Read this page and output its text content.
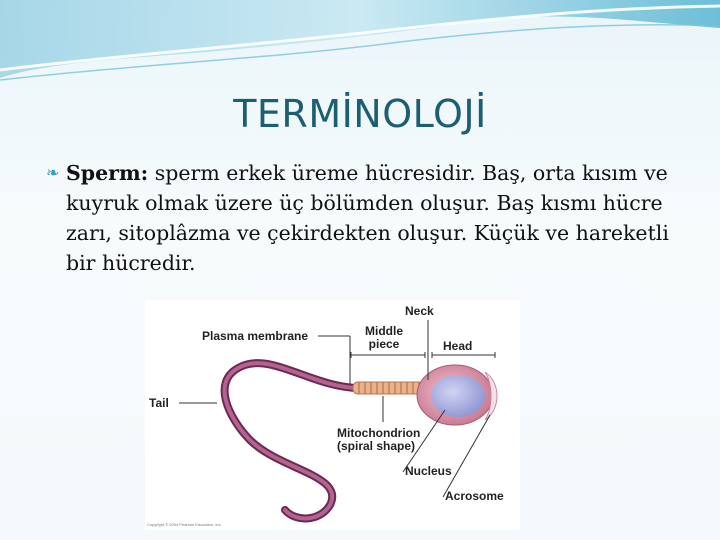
TERMİNOLOJİ
❧ Sperm: sperm erkek üreme hücresidir. Baş, orta kısım ve kuyruk olmak üzere üç bölümden oluşur. Baş kısmı hücre zarı, sitoplâzma ve çekirdekten oluşur. Küçük ve hareketli bir hücredir.
Neck
Plasma membrane	Middle
piece	Head
Tail
Mitochondrion
(spiral shape)
Nucleus
Acrosome
Copyright © 2004 Pearson Education, Inc.
